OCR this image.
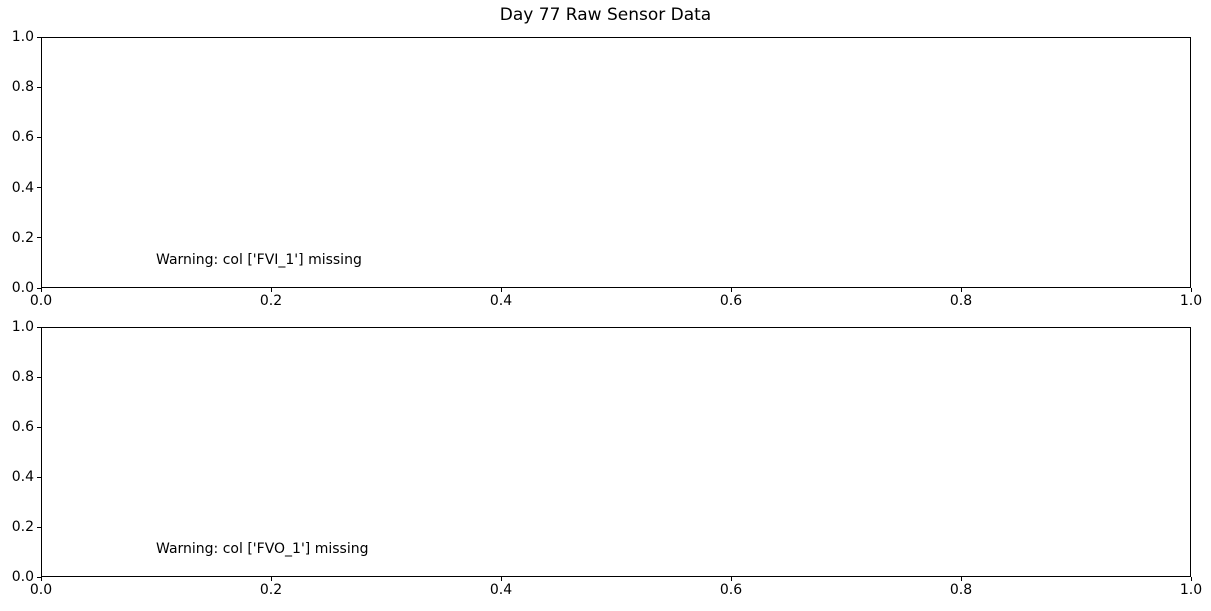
Day 77 Raw Sensor Data
Warning: col ['FVI_1'] missing
Warning: col ['FVO_1'] missing
0.0	0.2	0.4	0.6	0.8	1.0
0.0
0.2
0.4
0.6
0.8
1.0
0.0	0.2	0.4	0.6	0.8	1.0
0.0
0.2
0.4
0.6
0.8
1.0
